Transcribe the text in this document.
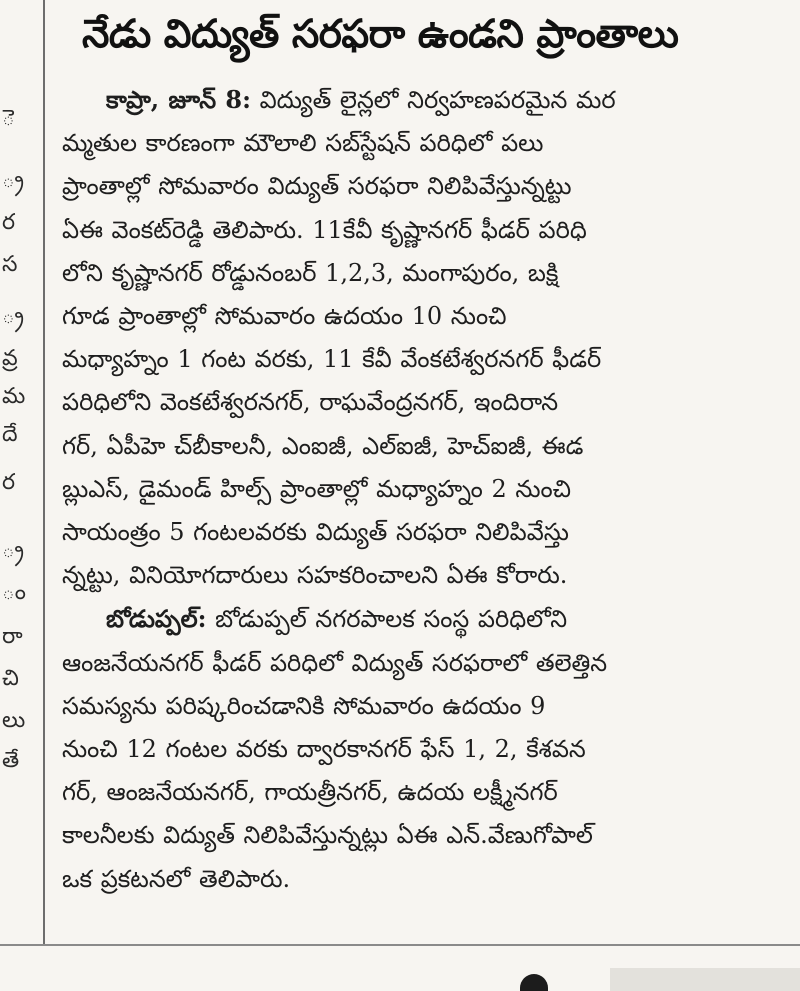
ె
్ర
ర
స
్ర
వ్ర
మ
దే
ర
్ర
ం
రా
చి
లు
తే
నేడు విద్యుత్‌ సరఫరా ఉండని ప్రాంతాలు

కాప్రా, జూన్‌ 8: విద్యుత్‌ లైన్లలో నిర్వహణపరమైన మర
మ్మతుల కారణంగా మౌలాలి సబ్‌స్టేషన్‌ పరిధిలో పలు
ప్రాంతాల్లో సోమవారం విద్యుత్‌ సరఫరా నిలిపివేస్తున్నట్టు
ఏఈ వెంకట్‌రెడ్డి తెలిపారు. 11కేవీ కృష్ణానగర్‌ ఫీడర్‌ పరిధి
లోని కృష్ణానగర్‌ రోడ్డునంబర్‌ 1,2,3, మంగాపురం, బక్షి
గూడ ప్రాంతాల్లో సోమవారం ఉదయం 10 నుంచి
మధ్యాహ్నం 1 గంట వరకు, 11 కేవీ వేంకటేశ్వరనగర్‌ ఫీడర్‌
పరిధిలోని వెంకటేశ్వరనగర్‌, రాఘవేంద్రనగర్‌, ఇందిరాన
గర్‌, ఏపీహె చ్‌బీకాలనీ, ఎంఐజీ, ఎల్‌ఐజీ, హెచ్‌ఐజీ, ఈడ
బ్లుఎస్‌, డైమండ్‌ హిల్స్‌ ప్రాంతాల్లో మధ్యాహ్నం 2 నుంచి
సాయంత్రం 5 గంటలవరకు విద్యుత్‌ సరఫరా నిలిపివేస్తు
న్నట్టు, వినియోగదారులు సహకరించాలని ఏఈ కోరారు.

బోడుప్పల్‌: బోడుప్పల్‌ నగరపాలక సంస్థ పరిధిలోని
ఆంజనేయనగర్‌ ఫీడర్‌ పరిధిలో విద్యుత్‌ సరఫరాలో తలెత్తిన
సమస్యను పరిష్కరించడానికి సోమవారం ఉదయం 9
నుంచి 12 గంటల వరకు ద్వారకానగర్‌ ఫేస్‌ 1, 2, కేశవన
గర్‌, ఆంజనేయనగర్‌, గాయత్రీనగర్‌, ఉదయ లక్ష్మీనగర్‌
కాలనీలకు విద్యుత్‌ నిలిపివేస్తున్నట్లు ఏఈ ఎన్‌.వేణుగోపాల్‌
ఒక ప్రకటనలో తెలిపారు.
